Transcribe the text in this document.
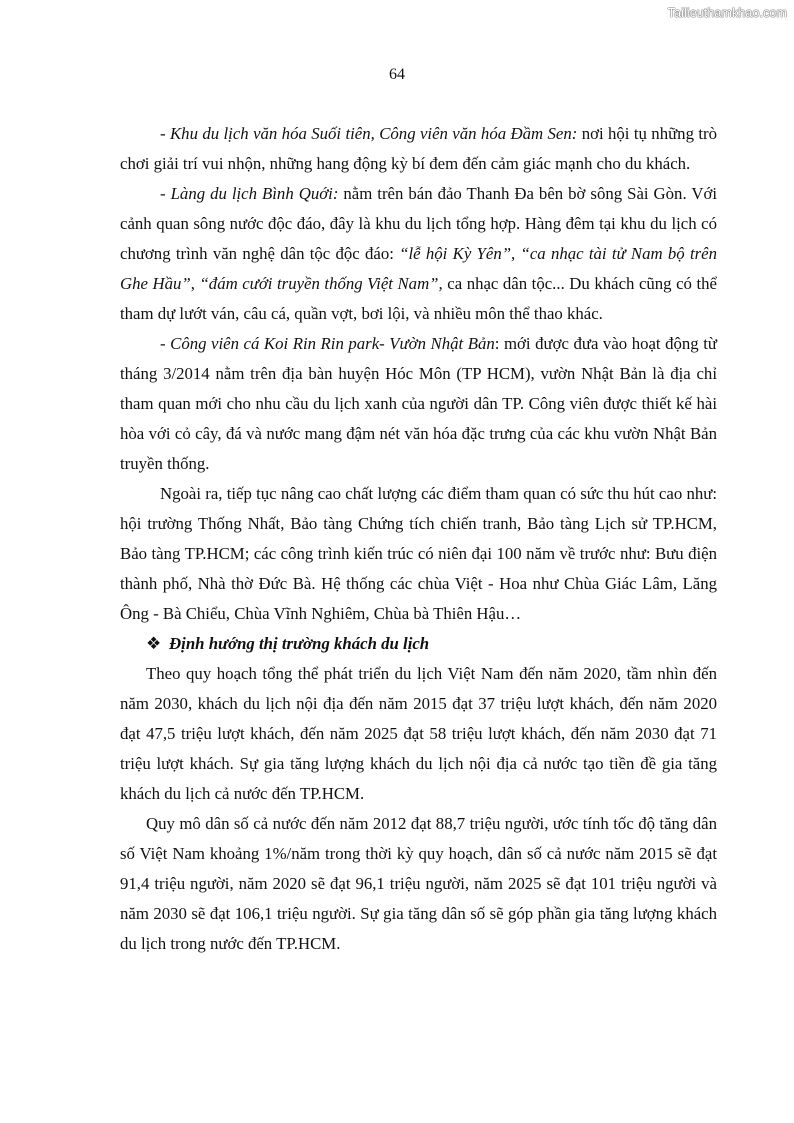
Tailieuthamkhao.com
64

- Khu du lịch văn hóa Suối tiên, Công viên văn hóa Đầm Sen: nơi hội tụ những trò chơi giải trí vui nhộn, những hang động kỳ bí đem đến cảm giác mạnh cho du khách.

- Làng du lịch Bình Quới: nằm trên bán đảo Thanh Đa bên bờ sông Sài Gòn. Với cảnh quan sông nước độc đáo, đây là khu du lịch tổng hợp. Hàng đêm tại khu du lịch có chương trình văn nghệ dân tộc độc đáo: “lễ hội Kỳ Yên”, “ca nhạc tài tử Nam bộ trên Ghe Hầu”, “đám cưới truyền thống Việt Nam”, ca nhạc dân tộc... Du khách cũng có thể tham dự lướt ván, câu cá, quần vợt, bơi lội, và nhiều môn thể thao khác.

- Công viên cá Koi Rin Rin park- Vườn Nhật Bản: mới được đưa vào hoạt động từ tháng 3/2014 nằm trên địa bàn huyện Hóc Môn (TP HCM), vườn Nhật Bản là địa chỉ tham quan mới cho nhu cầu du lịch xanh của người dân TP. Công viên được thiết kế hài hòa với cỏ cây, đá và nước mang đậm nét văn hóa đặc trưng của các khu vườn Nhật Bản truyền thống.

Ngoài ra, tiếp tục nâng cao chất lượng các điểm tham quan có sức thu hút cao như: hội trường Thống Nhất, Bảo tàng Chứng tích chiến tranh, Bảo tàng Lịch sử TP.HCM, Bảo tàng TP.HCM; các công trình kiến trúc có niên đại 100 năm về trước như: Bưu điện thành phố, Nhà thờ Đức Bà. Hệ thống các chùa Việt - Hoa như Chùa Giác Lâm, Lăng Ông - Bà Chiểu, Chùa Vĩnh Nghiêm, Chùa bà Thiên Hậu…

❖ Định hướng thị trường khách du lịch

Theo quy hoạch tổng thể phát triển du lịch Việt Nam đến năm 2020, tầm nhìn đến năm 2030, khách du lịch nội địa đến năm 2015 đạt 37 triệu lượt khách, đến năm 2020 đạt 47,5 triệu lượt khách, đến năm 2025 đạt 58 triệu lượt khách, đến năm 2030 đạt 71 triệu lượt khách. Sự gia tăng lượng khách du lịch nội địa cả nước tạo tiền đề gia tăng khách du lịch cả nước đến TP.HCM.

Quy mô dân số cả nước đến năm 2012 đạt 88,7 triệu người, ước tính tốc độ tăng dân số Việt Nam khoảng 1%/năm trong thời kỳ quy hoạch, dân số cả nước năm 2015 sẽ đạt 91,4 triệu người, năm 2020 sẽ đạt 96,1 triệu người, năm 2025 sẽ đạt 101 triệu người và năm 2030 sẽ đạt 106,1 triệu người. Sự gia tăng dân số sẽ góp phần gia tăng lượng khách du lịch trong nước đến TP.HCM.
